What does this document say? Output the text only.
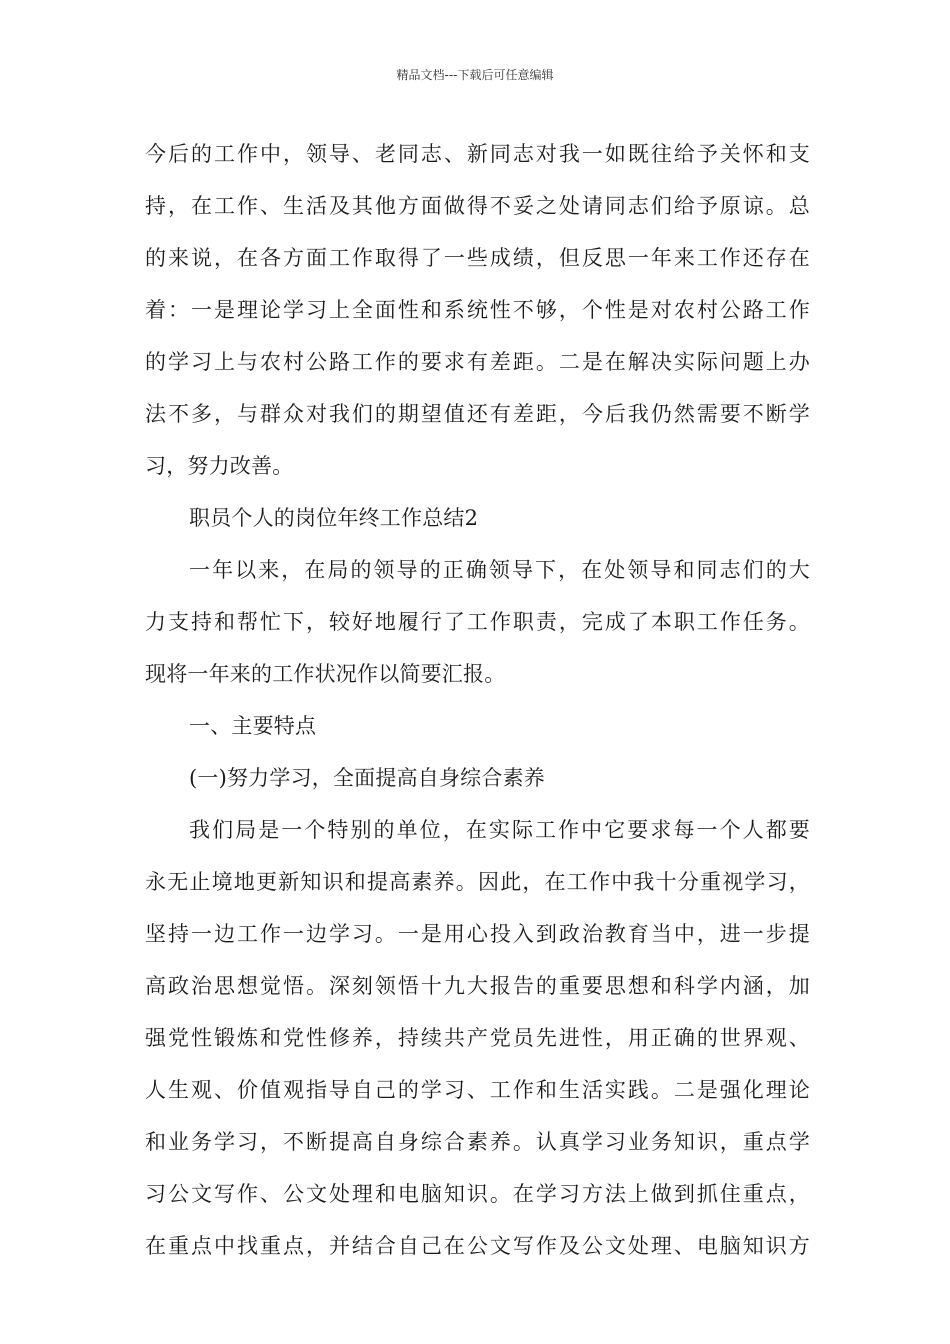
精品文档---下载后可任意编辑
今后的工作中，领导、老同志、新同志对我一如既往给予关怀和支
持，在工作、生活及其他方面做得不妥之处请同志们给予原谅。总
的来说，在各方面工作取得了一些成绩，但反思一年来工作还存在
着：一是理论学习上全面性和系统性不够，个性是对农村公路工作
的学习上与农村公路工作的要求有差距。二是在解决实际问题上办
法不多，与群众对我们的期望值还有差距，今后我仍然需要不断学
习，努力改善。
职员个人的岗位年终工作总结2
一年以来，在局的领导的正确领导下，在处领导和同志们的大
力支持和帮忙下，较好地履行了工作职责，完成了本职工作任务。
现将一年来的工作状况作以简要汇报。
一、主要特点
(一)努力学习，全面提高自身综合素养
我们局是一个特别的单位，在实际工作中它要求每一个人都要
永无止境地更新知识和提高素养。因此，在工作中我十分重视学习，
坚持一边工作一边学习。一是用心投入到政治教育当中，进一步提
高政治思想觉悟。深刻领悟十九大报告的重要思想和科学内涵，加
强党性锻炼和党性修养，持续共产党员先进性，用正确的世界观、
人生观、价值观指导自己的学习、工作和生活实践。二是强化理论
和业务学习，不断提高自身综合素养。认真学习业务知识，重点学
习公文写作、公文处理和电脑知识。在学习方法上做到抓住重点，
在重点中找重点，并结合自己在公文写作及公文处理、电脑知识方
